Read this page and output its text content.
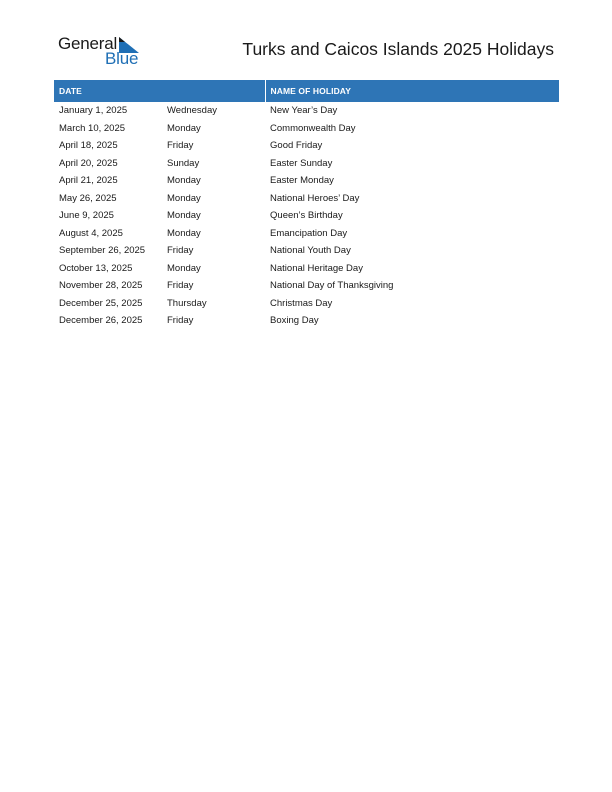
General
Blue	Turks and Caicos Islands 2025 Holidays
DATE		NAME OF HOLIDAY
January 1, 2025	Wednesday	New Year’s Day
March 10, 2025	Monday	Commonwealth Day
April 18, 2025	Friday	Good Friday
April 20, 2025	Sunday	Easter Sunday
April 21, 2025	Monday	Easter Monday
May 26, 2025	Monday	National Heroes’ Day
June 9, 2025	Monday	Queen’s Birthday
August 4, 2025	Monday	Emancipation Day
September 26, 2025	Friday	National Youth Day
October 13, 2025	Monday	National Heritage Day
November 28, 2025	Friday	National Day of Thanksgiving
December 25, 2025	Thursday	Christmas Day
December 26, 2025	Friday	Boxing Day
